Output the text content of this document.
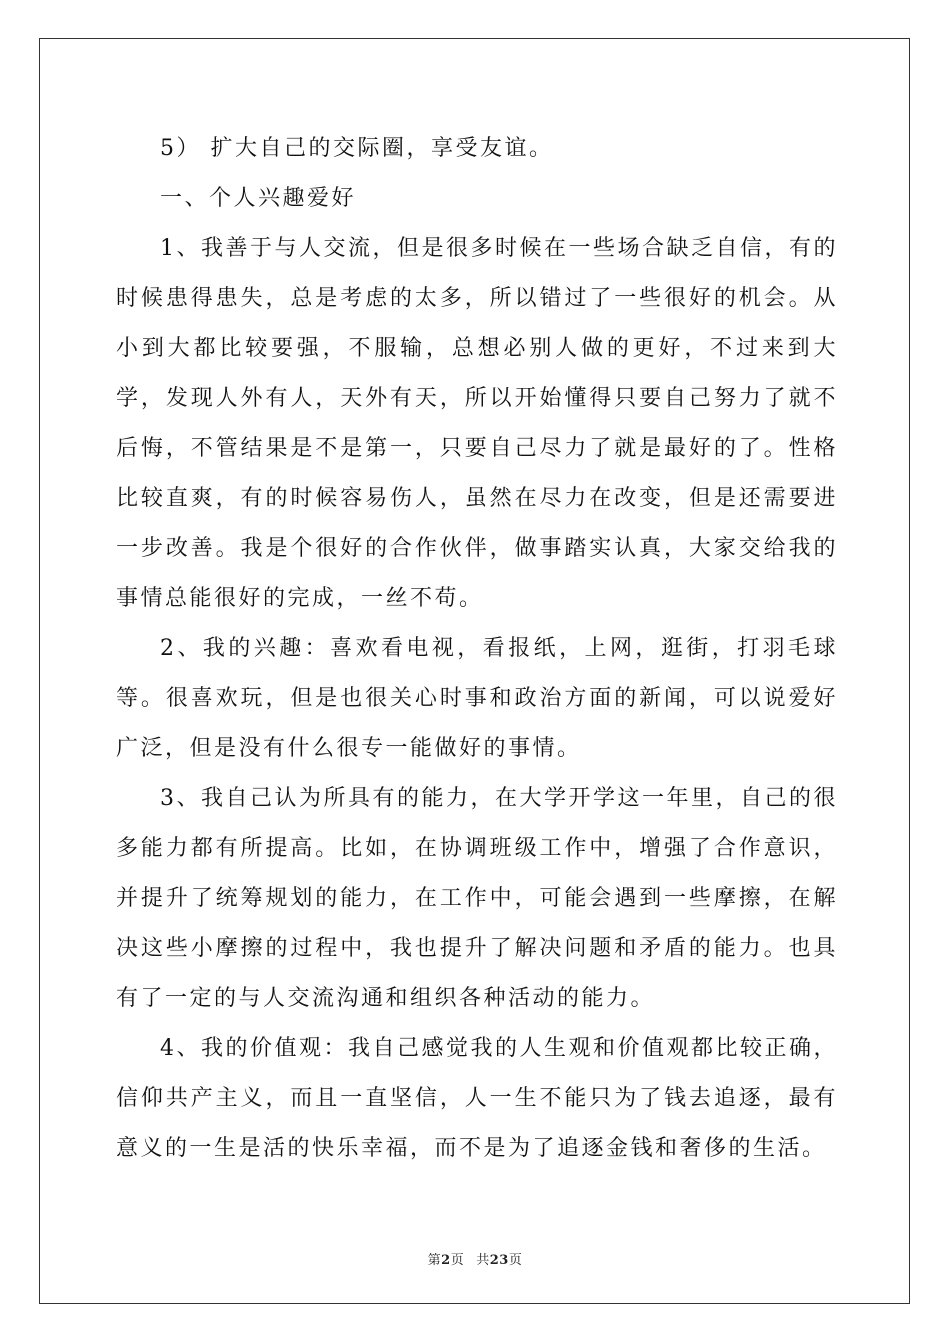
5） 扩大自己的交际圈，享受友谊。

一、个人兴趣爱好

1、我善于与人交流，但是很多时候在一些场合缺乏自信，有的时候患得患失，总是考虑的太多，所以错过了一些很好的机会。从小到大都比较要强，不服输，总想必别人做的更好，不过来到大学，发现人外有人，天外有天，所以开始懂得只要自己努力了就不后悔，不管结果是不是第一，只要自己尽力了就是最好的了。性格比较直爽，有的时候容易伤人，虽然在尽力在改变，但是还需要进一步改善。我是个很好的合作伙伴，做事踏实认真，大家交给我的事情总能很好的完成，一丝不苟。

2、我的兴趣：喜欢看电视，看报纸，上网，逛街，打羽毛球等。很喜欢玩，但是也很关心时事和政治方面的新闻，可以说爱好广泛，但是没有什么很专一能做好的事情。

3、我自己认为所具有的能力，在大学开学这一年里，自己的很多能力都有所提高。比如，在协调班级工作中，增强了合作意识，并提升了统筹规划的能力，在工作中，可能会遇到一些摩擦，在解决这些小摩擦的过程中，我也提升了解决问题和矛盾的能力。也具有了一定的与人交流沟通和组织各种活动的能力。

4、我的价值观：我自己感觉我的人生观和价值观都比较正确，信仰共产主义，而且一直坚信，人一生不能只为了钱去追逐，最有意义的一生是活的快乐幸福，而不是为了追逐金钱和奢侈的生活。

第2页 共23页
